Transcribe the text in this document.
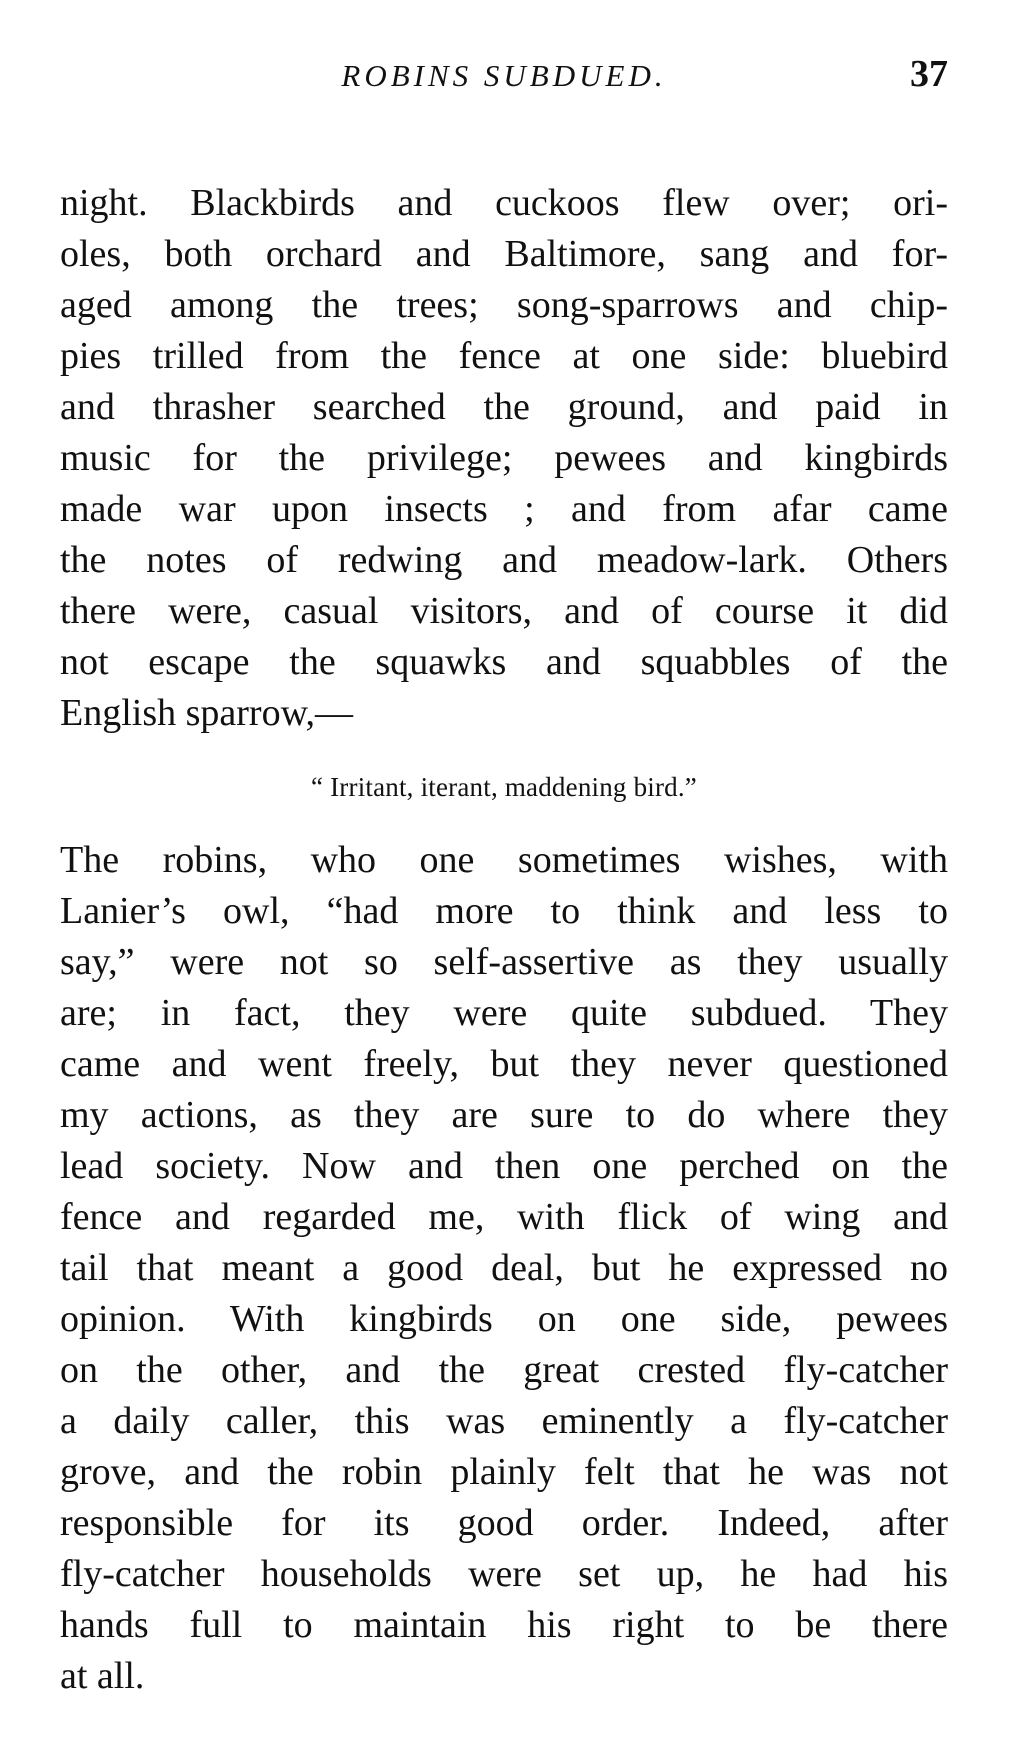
ROBINS SUBDUED.	37
night. Blackbirds and cuckoos flew over; ori-
oles, both orchard and Baltimore, sang and for-
aged among the trees; song-sparrows and chip-
pies trilled from the fence at one side: bluebird
and thrasher searched the ground, and paid in
music for the privilege; pewees and kingbirds
made war upon insects ; and from afar came
the notes of redwing and meadow-lark. Others
there were, casual visitors, and of course it did
not escape the squawks and squabbles of the
English sparrow,—
“ Irritant, iterant, maddening bird.”
The robins, who one sometimes wishes, with
Lanier’s owl, “had more to think and less to
say,” were not so self-assertive as they usually
are; in fact, they were quite subdued. They
came and went freely, but they never questioned
my actions, as they are sure to do where they
lead society. Now and then one perched on the
fence and regarded me, with flick of wing and
tail that meant a good deal, but he expressed no
opinion. With kingbirds on one side, pewees
on the other, and the great crested fly-catcher
a daily caller, this was eminently a fly-catcher
grove, and the robin plainly felt that he was not
responsible for its good order. Indeed, after
fly-catcher households were set up, he had his
hands full to maintain his right to be there
at all.
